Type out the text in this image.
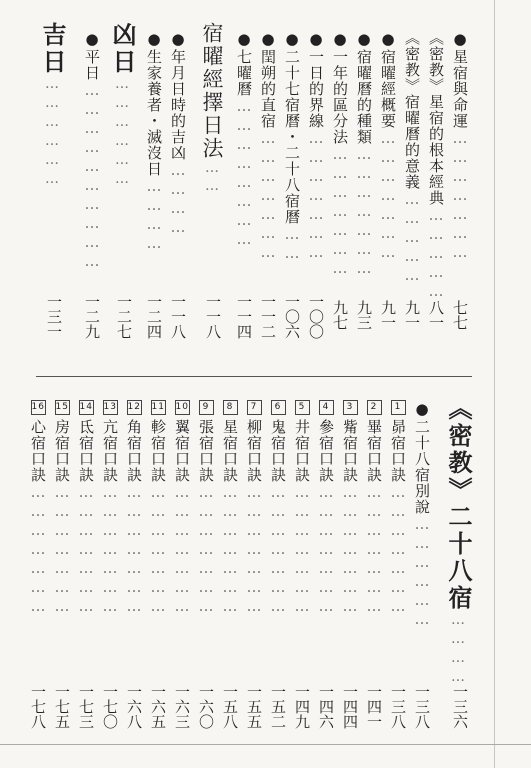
●星宿與命運…………………
七七
《密教》星宿的根本經典……………
八一
《密教》宿曜曆的意義……………
九一
●宿曜經概要…………………
九一
●宿曜曆的種類…………………
九三
●一年的區分法…………………
九七
●一日的界線…………………
一〇〇
●二十七宿曆・二十八宿曆……
一〇六
●閏朔的直宿…………………
一一二
●七曜曆……………………
一一四
宿曜經擇日法……
一一八
●年月日時的吉凶…………
一一八
●生家養者・滅沒日…………
一二四
凶日………………
一二七
●平日…………………………
一二九
吉日………………
一三一
《密教》二十八宿…………
一三六
●二十八宿別說………………
一三八
1昴宿口訣…………………
一三八
2畢宿口訣…………………
一四一
3觜宿口訣…………………
一四四
4參宿口訣…………………
一四六
5井宿口訣…………………
一四九
6鬼宿口訣…………………
一五二
7柳宿口訣…………………
一五五
8星宿口訣…………………
一五八
9張宿口訣…………………
一六〇
10翼宿口訣…………………
一六三
11軫宿口訣…………………
一六五
12角宿口訣…………………
一六八
13亢宿口訣…………………
一七〇
14氐宿口訣…………………
一七三
15房宿口訣…………………
一七五
16心宿口訣…………………
一七八
